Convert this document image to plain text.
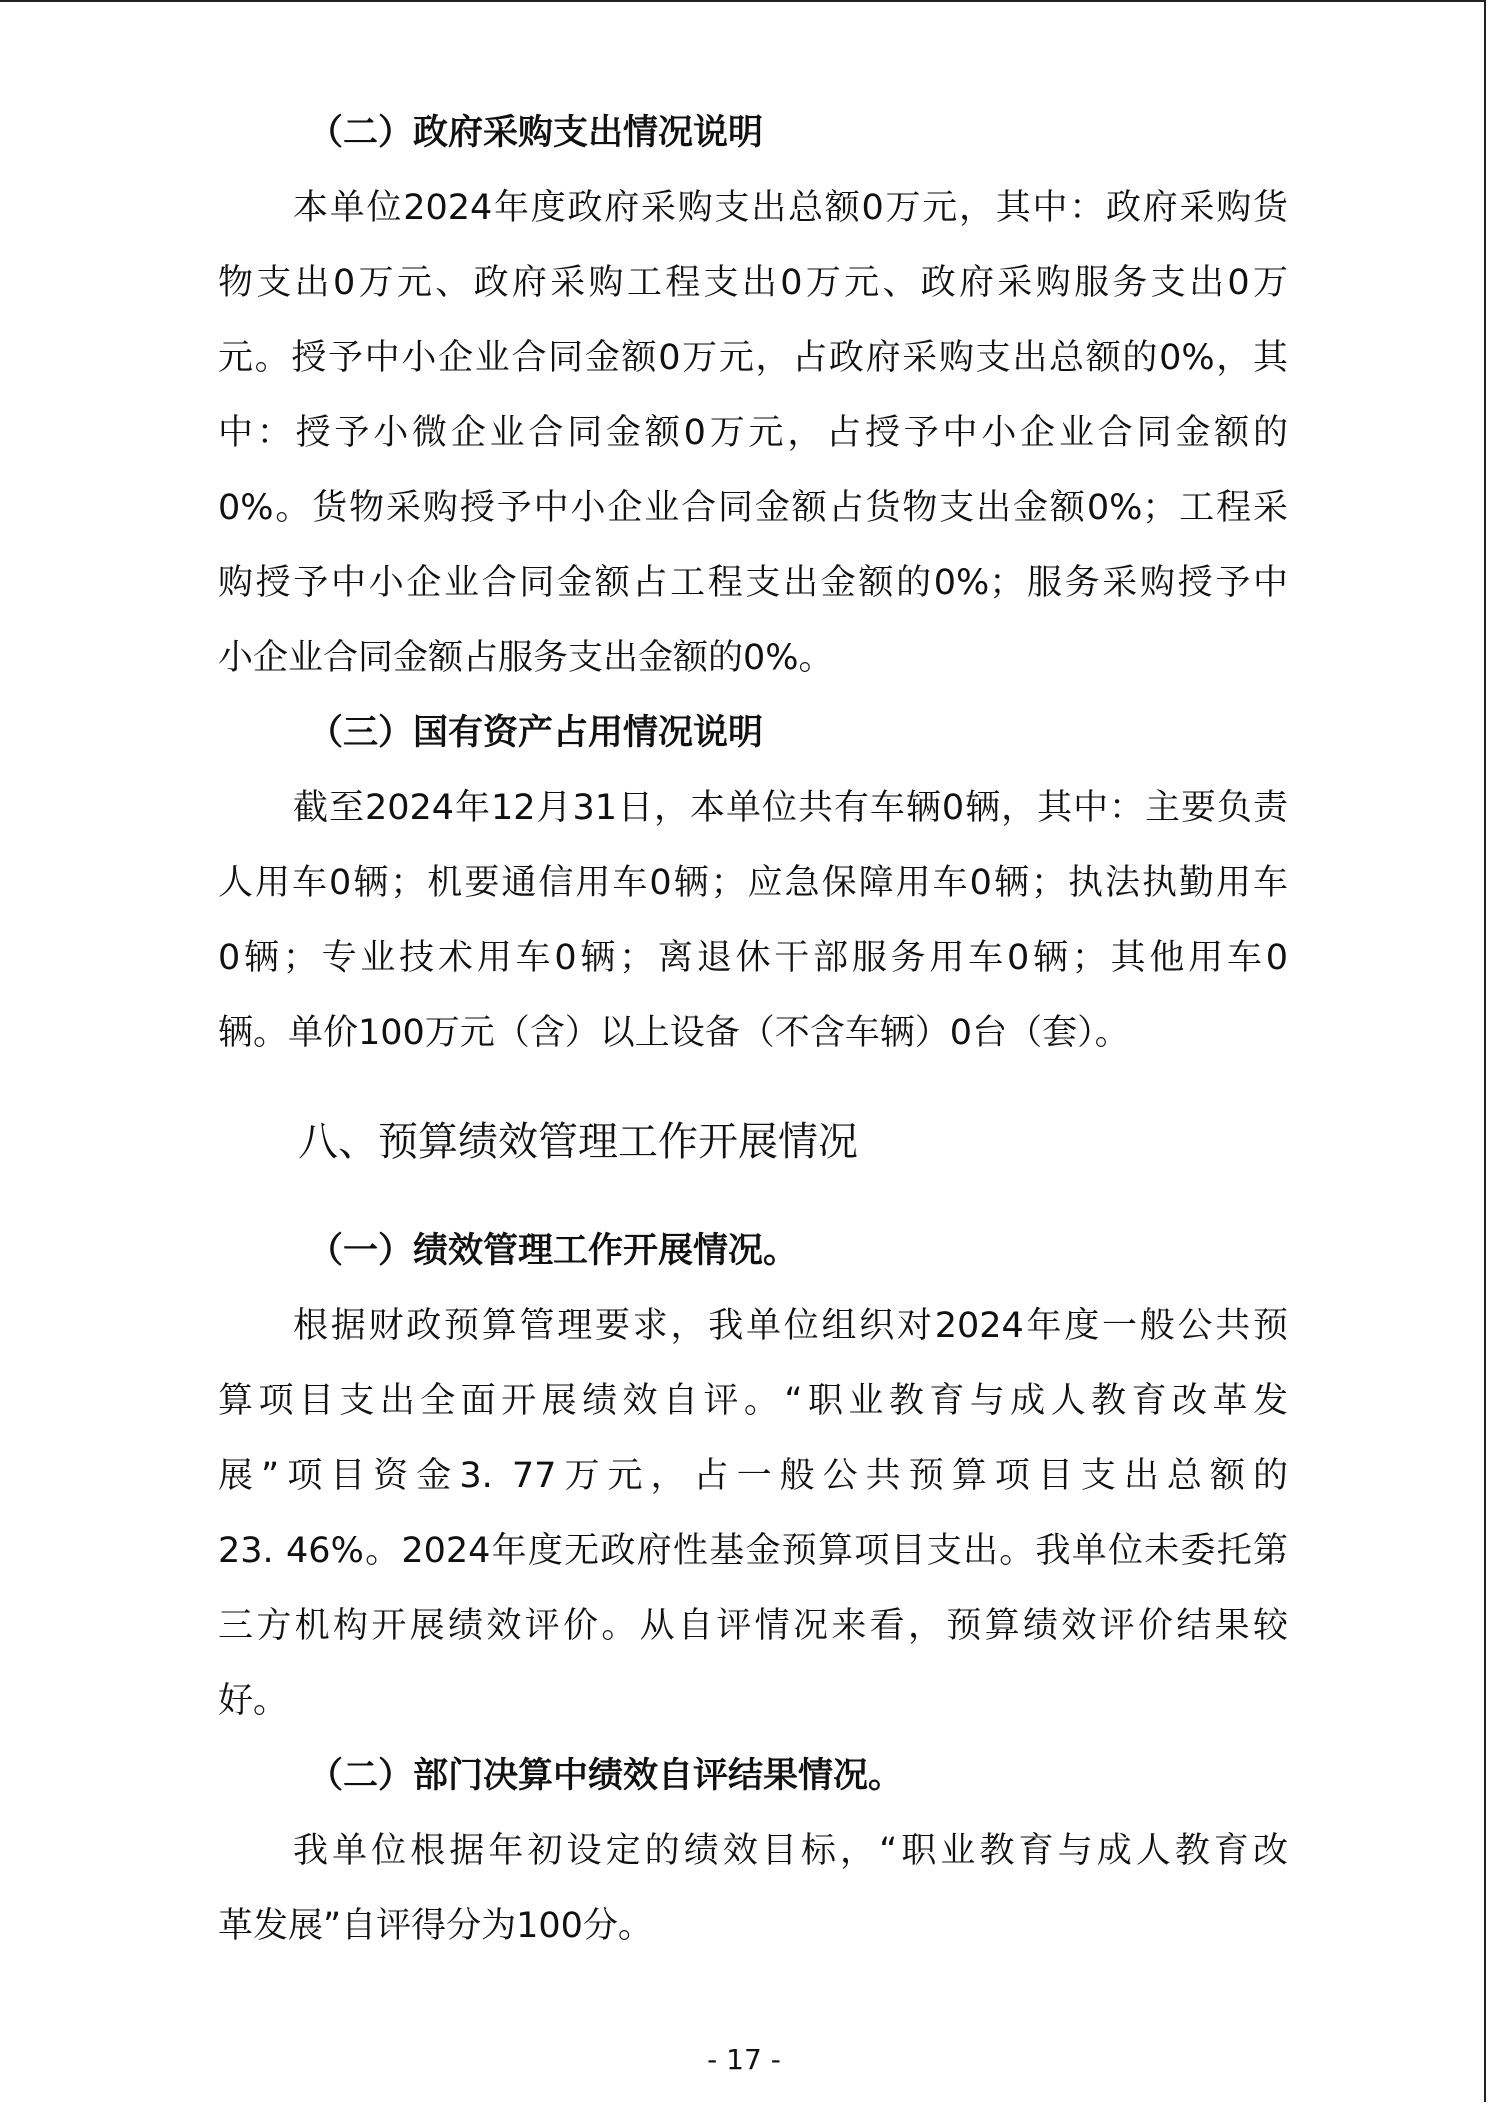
（二）政府采购支出情况说明
本单位2024年度政府采购支出总额0万元，其中：政府采购货
物支出0万元、政府采购工程支出0万元、政府采购服务支出0万
元。授予中小企业合同金额0万元，占政府采购支出总额的0%，其
中：授予小微企业合同金额0万元，占授予中小企业合同金额的
0%。货物采购授予中小企业合同金额占货物支出金额0%；工程采
购授予中小企业合同金额占工程支出金额的0%；服务采购授予中
小企业合同金额占服务支出金额的0%。
（三）国有资产占用情况说明
截至2024年12月31日，本单位共有车辆0辆，其中：主要负责
人用车0辆；机要通信用车0辆；应急保障用车0辆；执法执勤用车
0辆；专业技术用车0辆；离退休干部服务用车0辆；其他用车0
辆。单价100万元（含）以上设备（不含车辆）0台（套）。
八、预算绩效管理工作开展情况
（一）绩效管理工作开展情况。
根据财政预算管理要求，我单位组织对2024年度一般公共预
算项目支出全面开展绩效自评。“职业教育与成人教育改革发
展”项目资金3. 77万元，占一般公共预算项目支出总额的
23. 46%。2024年度无政府性基金预算项目支出。我单位未委托第
三方机构开展绩效评价。从自评情况来看，预算绩效评价结果较
好。
（二）部门决算中绩效自评结果情况。
我单位根据年初设定的绩效目标，“职业教育与成人教育改
革发展”自评得分为100分。
- 17 -
